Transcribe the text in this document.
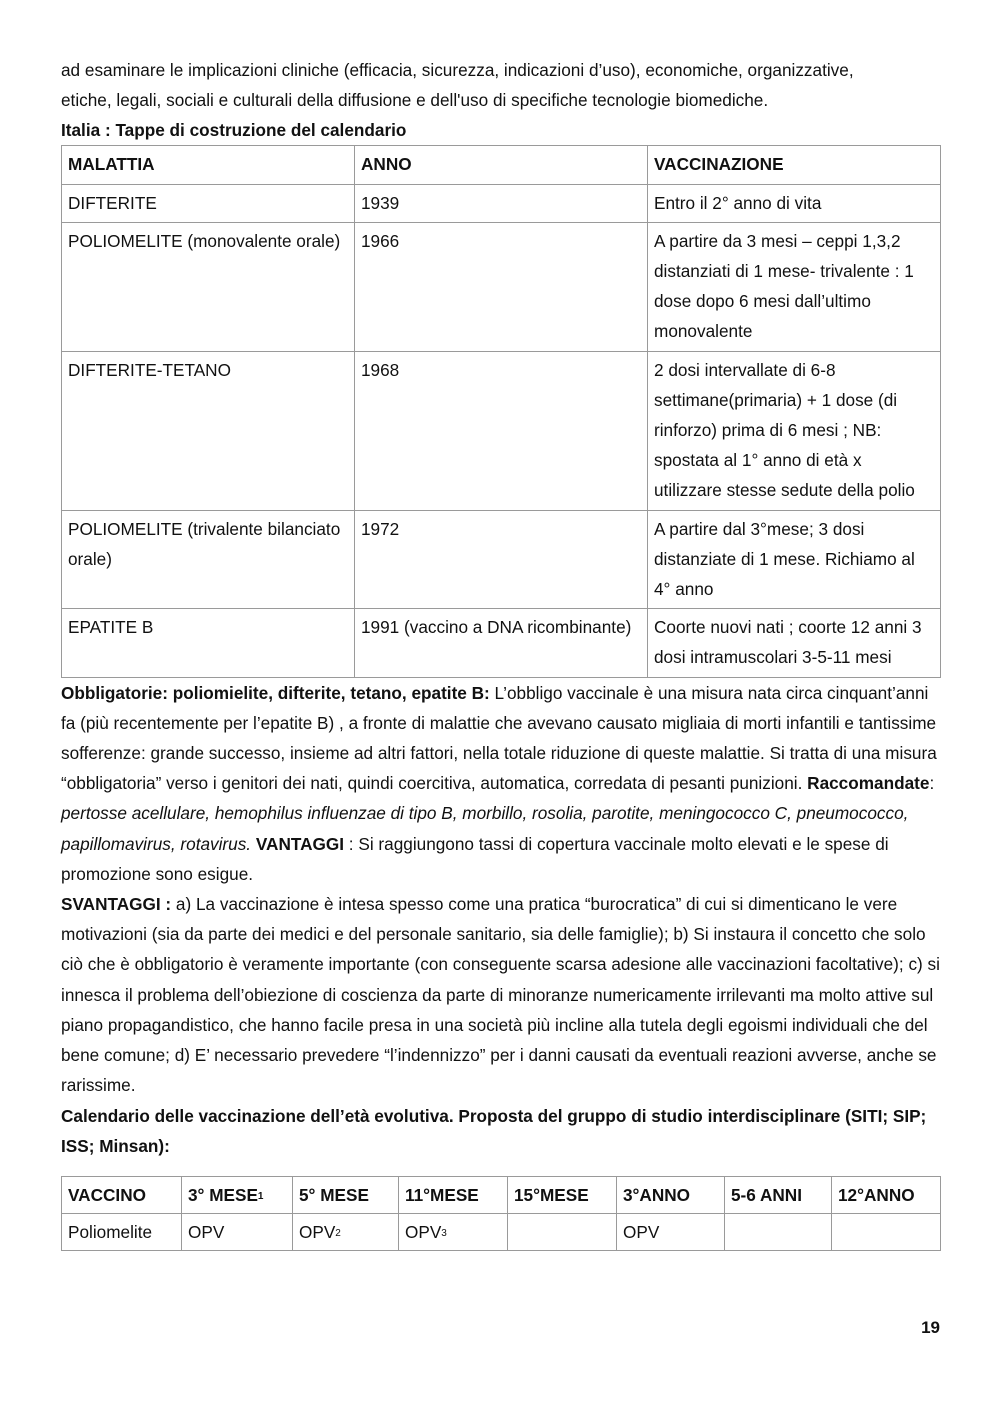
ad esaminare le implicazioni cliniche (efficacia, sicurezza, indicazioni d’uso), economiche, organizzative,
etiche, legali, sociali e culturali della diffusione e dell'uso di specifiche tecnologie biomediche.

Italia : Tappe di costruzione del calendario
MALATTIA	ANNO	VACCINAZIONE
DIFTERITE	1939	Entro il 2° anno di vita
POLIOMELITE (monovalente orale)	1966	A partire da 3 mesi – ceppi 1,3,2 distanziati di 1 mese- trivalente : 1 dose dopo 6 mesi dall’ultimo monovalente
DIFTERITE-TETANO	1968	2 dosi intervallate di 6-8 settimane(primaria) + 1 dose (di rinforzo) prima di 6 mesi ; NB: spostata al 1° anno di età x utilizzare stesse sedute della polio
POLIOMELITE (trivalente bilanciato orale)	1972	A partire dal 3°mese; 3 dosi distanziate di 1 mese. Richiamo al 4° anno
EPATITE B	1991 (vaccino a DNA ricombinante)	Coorte nuovi nati ; coorte 12 anni 3 dosi intramuscolari 3-5-11 mesi

Obbligatorie: poliomielite, difterite, tetano, epatite B: L’obbligo vaccinale è una misura nata circa cinquant’anni fa (più recentemente per l’epatite B) , a fronte di malattie che avevano causato migliaia di morti infantili e tantissime sofferenze: grande successo, insieme ad altri fattori, nella totale riduzione di queste malattie. Si tratta di una misura “obbligatoria” verso i genitori dei nati, quindi coercitiva, automatica, corredata di pesanti punizioni. Raccomandate: pertosse acellulare, hemophilus influenzae di tipo B, morbillo, rosolia, parotite, meningococco C, pneumococco, papillomavirus, rotavirus. VANTAGGI : Si raggiungono tassi di copertura vaccinale molto elevati e le spese di promozione sono esigue.

SVANTAGGI : a) La vaccinazione è intesa spesso come una pratica “burocratica” di cui si dimenticano le vere motivazioni (sia da parte dei medici e del personale sanitario, sia delle famiglie); b) Si instaura il concetto che solo ciò che è obbligatorio è veramente importante (con conseguente scarsa adesione alle vaccinazioni facoltative); c) si innesca il problema dell’obiezione di coscienza da parte di minoranze numericamente irrilevanti ma molto attive sul piano propagandistico, che hanno facile presa in una società più incline alla tutela degli egoismi individuali che del bene comune; d) E’ necessario prevedere “l’indennizzo” per i danni causati da eventuali reazioni avverse, anche se rarissime.

Calendario delle vaccinazione dell’età evolutiva. Proposta del gruppo di studio interdisciplinare (SITI; SIP; ISS; Minsan):
VACCINO	3° MESE$^1$	5° MESE	11°MESE	15°MESE	3°ANNO	5-6 ANNI	12°ANNO
Poliomelite	OPV	OPV$^2$	OPV$^3$		OPV		
19
